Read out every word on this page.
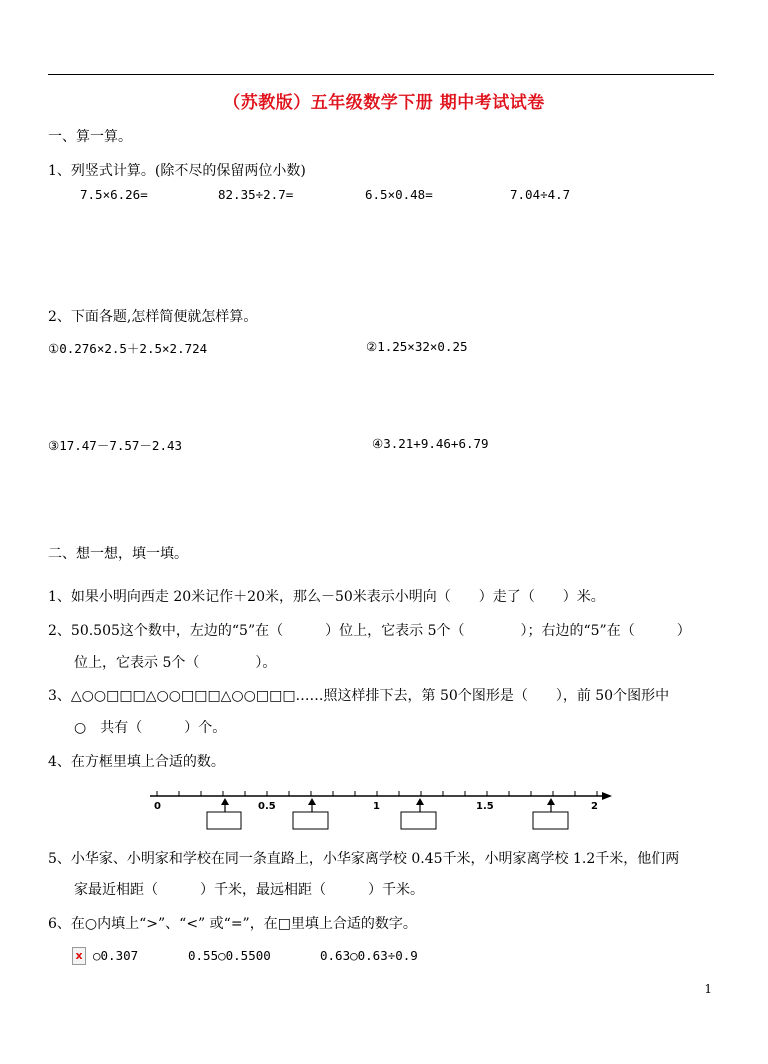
（苏教版）五年级数学下册 期中考试试卷
一、算一算。
1、列竖式计算。(除不尽的保留两位小数)
7.5×6.26=	82.35÷2.7=	6.5×0.48=	7.04÷4.7
2、下面各题,怎样简便就怎样算。
①0.276×2.5＋2.5×2.724	②1.25×32×0.25
③17.47－7.57－2.43	④3.21+9.46+6.79
二、想一想，填一填。
1、如果小明向西走 20米记作＋20米，那么－50米表示小明向（　　）走了（　　）米。
2、50.505这个数中，左边的“5”在（　　　）位上，它表示 5个（　　　　）；右边的“5”在（　　　）
位上，它表示 5个（　　　　）。
3、△○○□□□△○○□□□△○○□□□……照这样排下去，第 50个图形是（　　），前 50个图形中
○　共有（　　　）个。
4、在方框里填上合适的数。
0	0.5	1	1.5	2
5、小华家、小明家和学校在同一条直路上，小华家离学校 0.45千米，小明家离学校 1.2千米，他们两
家最近相距（　　　）千米，最远相距（　　　）千米。
6、在○内填上“>”、“<” 或“=”，在□里填上合适的数字。
x ○0.307	0.55○0.5500	0.63○0.63÷0.9
1
